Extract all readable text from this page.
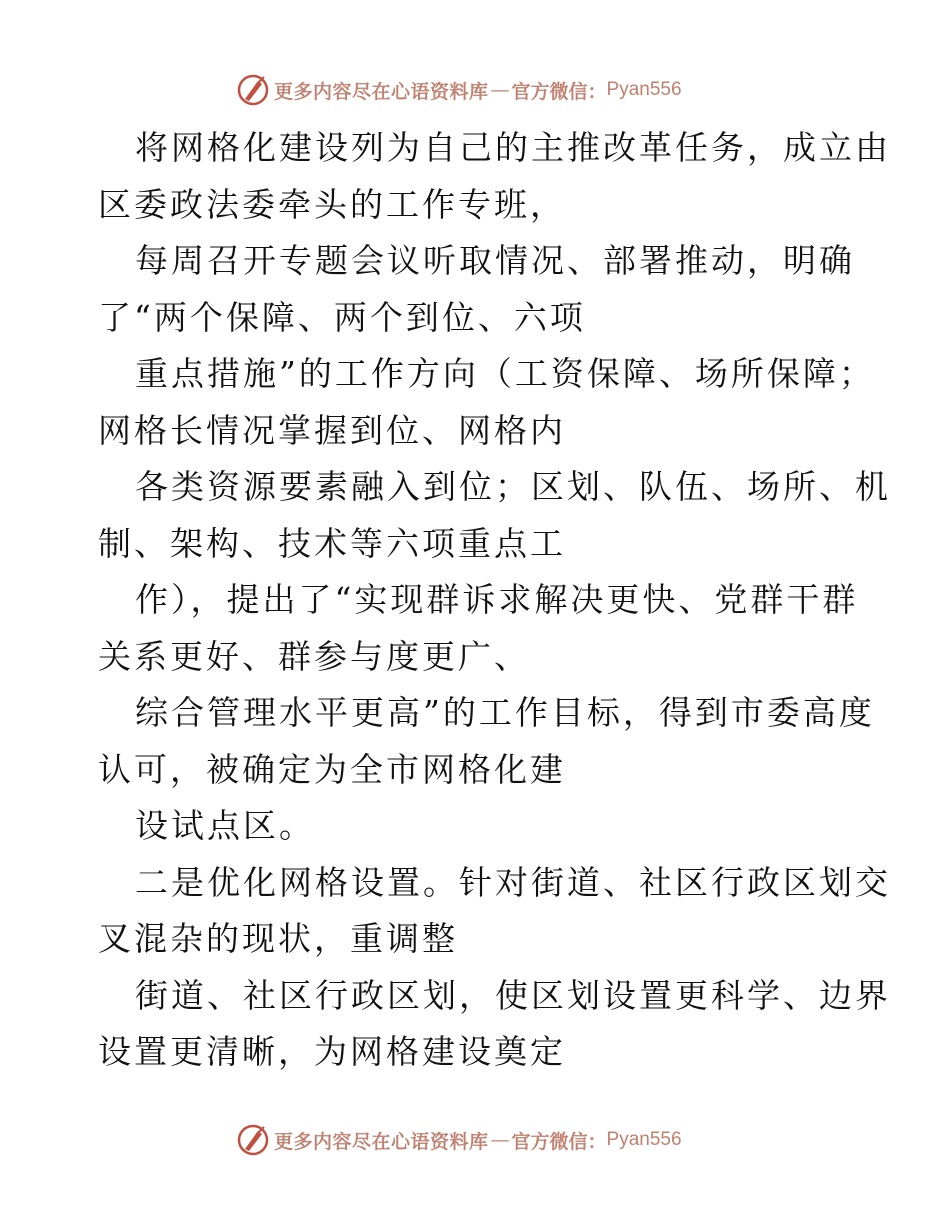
更多内容尽在心语资料库 — 官方微信： Pyan556
将网格化建设列为自己的主推改革任务，成立由
区委政法委牵头的工作专班，
每周召开专题会议听取情况、部署推动，明确
了“两个保障、两个到位、六项
重点措施”的工作方向（工资保障、场所保障；
网格长情况掌握到位、网格内
各类资源要素融入到位；区划、队伍、场所、机
制、架构、技术等六项重点工
作），提出了“实现群诉求解决更快、党群干群
关系更好、群参与度更广、
综合管理水平更高”的工作目标，得到市委高度
认可，被确定为全市网格化建
设试点区。
二是优化网格设置。针对街道、社区行政区划交
叉混杂的现状，重调整
街道、社区行政区划，使区划设置更科学、边界
设置更清晰，为网格建设奠定
更多内容尽在心语资料库 — 官方微信： Pyan556
